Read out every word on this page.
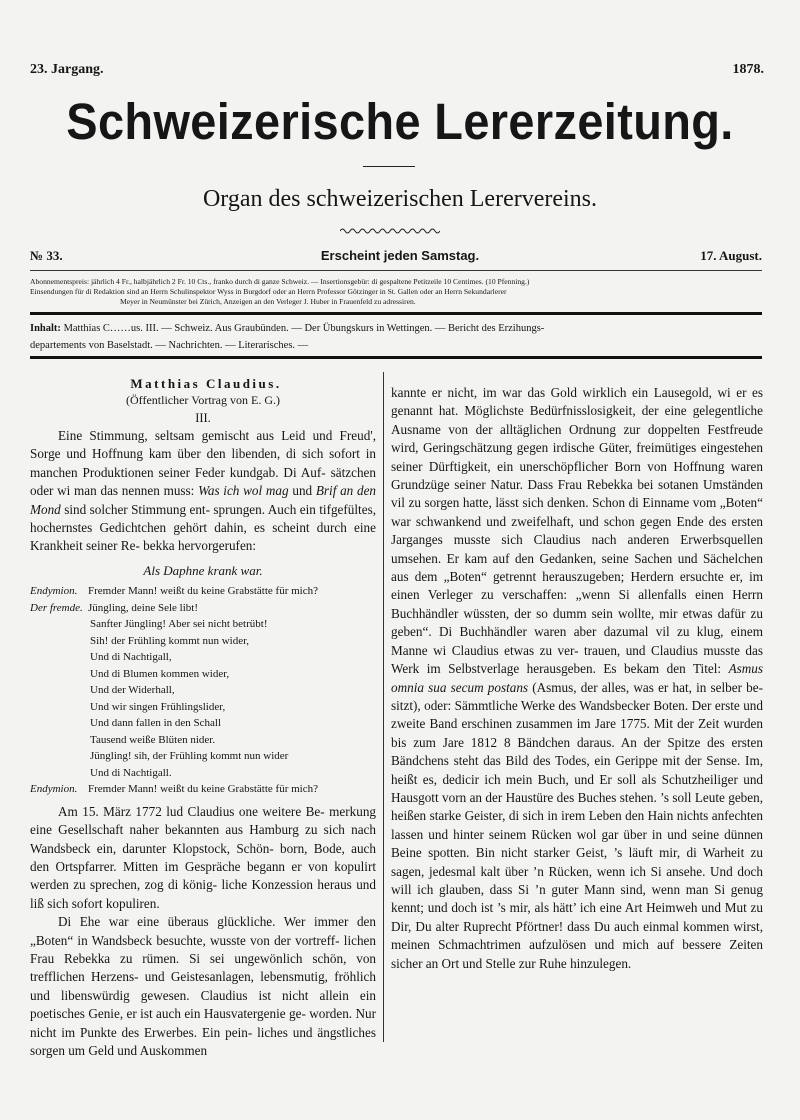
23. Jargang.	1878.
Schweizerische Lererzeitung.
Organ des schweizerischen Lerervereins.
№ 33.	Erscheint jeden Samstag.	17. August.
Abonnementspreis: jährlich 4 Fr., halbjährlich 2 Fr. 10 Cts., franko durch di ganze Schweiz. — Insertionsgebür: di gespaltene Petitzeile 10 Centimes. (10 Pfenning.)
Einsendungen für di Redaktion sind an Herrn Schulinspektor Wyss in Burgdorf oder an Herrn Professor Götzinger in St. Gallen oder an Herrn Sekundarlerer
Meyer in Neumünster bei Zürich, Anzeigen an den Verleger J. Huber in Frauenfeld zu adressiren.
Inhalt: Matthias C……us. III. — Schweiz. Aus Graubünden. — Der Übungskurs in Wettingen. — Bericht des Erzihungs-
departements von Baselstadt. — Nachrichten. — Literarisches. —
Matthias Claudius.
(Öffentlicher Vortrag von E. G.)
III.

Eine Stimmung, seltsam gemischt aus Leid und Freud', Sorge und Hoffnung kam über den libenden, di sich sofort in manchen Produktionen seiner Feder kundgab. Di Auf- sätzchen oder wi man das nennen muss: Was ich wol mag und Brif an den Mond sind solcher Stimmung ent- sprungen. Auch ein tifgefültes, hochernstes Gedichtchen gehört dahin, es scheint durch eine Krankheit seiner Re- bekka hervorgerufen:

Als Daphne krank war.
Endymion. Fremder Mann! weißt du keine Grabstätte für mich?
Der fremde. Jüngling, deine Sele libt!
Sanfter Jüngling! Aber sei nicht betrübt!
Sih! der Frühling kommt nun wider,
Und di Nachtigall,
Und di Blumen kommen wider,
Und der Widerhall,
Und wir singen Frühlingslider,
Und dann fallen in den Schall
Tausend weiße Blüten nider.
Jüngling! sih, der Frühling kommt nun wider
Und di Nachtigall.
Endymion. Fremder Mann! weißt du keine Grabstätte für mich?

Am 15. März 1772 lud Claudius one weitere Be- merkung eine Gesellschaft naher bekannten aus Hamburg zu sich nach Wandsbeck ein, darunter Klopstock, Schön- born, Bode, auch den Ortspfarrer. Mitten im Gespräche begann er von kopulirt werden zu sprechen, zog di könig- liche Konzession heraus und liß sich sofort kopuliren.

Di Ehe war eine überaus glückliche. Wer immer den „Boten“ in Wandsbeck besuchte, wusste von der vortreff- lichen Frau Rebekka zu rümen. Si sei ungewönlich schön, von trefflichen Herzens- und Geistesanlagen, lebensmutig, fröhlich und libenswürdig gewesen. Claudius ist nicht allein ein poetisches Genie, er ist auch ein Hausvatergenie ge- worden. Nur nicht im Punkte des Erwerbes. Ein pein- liches und ängstliches sorgen um Geld und Auskommen

kannte er nicht, im war das Gold wirklich ein Lausegold, wi er es genannt hat. Möglichste Bedürfnisslosigkeit, der eine gelegentliche Ausname von der alltäglichen Ordnung zur doppelten Festfreude wird, Geringschätzung gegen irdische Güter, freimütiges eingestehen seiner Dürftigkeit, ein unerschöpflicher Born von Hoffnung waren Grundzüge seiner Natur. Dass Frau Rebekka bei sotanen Umständen vil zu sorgen hatte, lässt sich denken. Schon di Einname vom „Boten“ war schwankend und zweifelhaft, und schon gegen Ende des ersten Jarganges musste sich Claudius nach anderen Erwerbsquellen umsehen. Er kam auf den Gedanken, seine Sachen und Sächelchen aus dem „Boten“ getrennt herauszugeben; Herdern ersuchte er, im einen Verleger zu verschaffen: „wenn Si allenfalls einen Herrn Buchhändler wüssten, der so dumm sein wollte, mir etwas dafür zu geben“. Di Buchhändler waren aber dazumal vil zu klug, einem Manne wi Claudius etwas zu ver- trauen, und Claudius musste das Werk im Selbstverlage herausgeben. Es bekam den Titel: Asmus omnia sua secum postans (Asmus, der alles, was er hat, in selber be- sitzt), oder: Sämmtliche Werke des Wandsbecker Boten. Der erste und zweite Band erschinen zusammen im Jare 1775. Mit der Zeit wurden bis zum Jare 1812 8 Bändchen daraus. An der Spitze des ersten Bändchens steht das Bild des Todes, ein Gerippe mit der Sense. Im, heißt es, dedicir ich mein Buch, und Er soll als Schutzheiliger und Hausgott vorn an der Haustüre des Buches stehen. ’s soll Leute geben, heißen starke Geister, di sich in irem Leben den Hain nichts anfechten lassen und hinter seinem Rücken wol gar über in und seine dünnen Beine spotten. Bin nicht starker Geist, ’s läuft mir, di Warheit zu sagen, jedesmal kalt über ’n Rücken, wenn ich Si ansehe. Und doch will ich glauben, dass Si ’n guter Mann sind, wenn man Si genug kennt; und doch ist ’s mir, als hätt’ ich eine Art Heimweh und Mut zu Dir, Du alter Ruprecht Pförtner! dass Du auch einmal kommen wirst, meinen Schmachtrimen aufzulösen und mich auf bessere Zeiten sicher an Ort und Stelle zur Ruhe hinzulegen.
